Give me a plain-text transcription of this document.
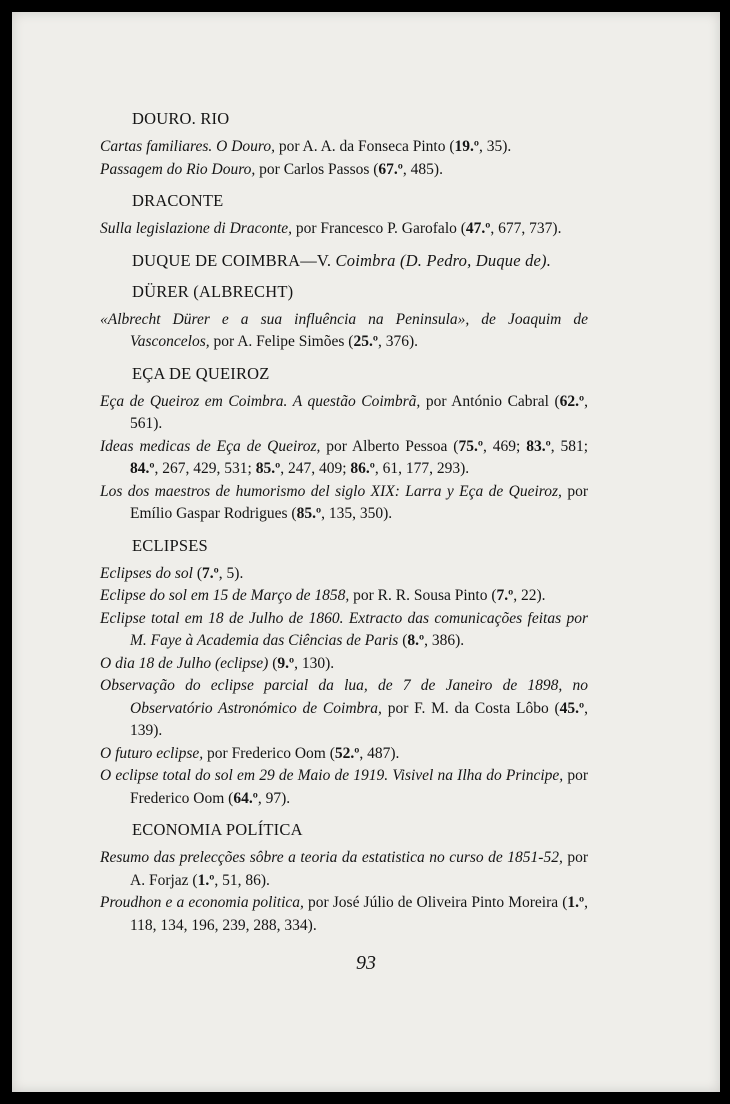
DOURO. RIO

Cartas familiares. O Douro, por A. A. da Fonseca Pinto (19.º, 35).

Passagem do Rio Douro, por Carlos Passos (67.º, 485).

DRACONTE

Sulla legislazione di Draconte, por Francesco P. Garofalo (47.º, 677, 737).

DUQUE DE COIMBRA—V. Coimbra (D. Pedro, Duque de).
DÜRER (ALBRECHT)

«Albrecht Dürer e a sua influência na Peninsula», de Joaquim de Vasconcelos, por A. Felipe Simões (25.º, 376).

EÇA DE QUEIROZ

Eça de Queiroz em Coimbra. A questão Coimbrã, por António Cabral (62.º, 561).

Ideas medicas de Eça de Queiroz, por Alberto Pessoa (75.º, 469; 83.º, 581; 84.º, 267, 429, 531; 85.º, 247, 409; 86.º, 61, 177, 293).

Los dos maestros de humorismo del siglo XIX: Larra y Eça de Queiroz, por Emílio Gaspar Rodrigues (85.º, 135, 350).

ECLIPSES

Eclipses do sol (7.º, 5).

Eclipse do sol em 15 de Março de 1858, por R. R. Sousa Pinto (7.º, 22).

Eclipse total em 18 de Julho de 1860. Extracto das comunicações feitas por M. Faye à Academia das Ciências de Paris (8.º, 386).

O dia 18 de Julho (eclipse) (9.º, 130).

Observação do eclipse parcial da lua, de 7 de Janeiro de 1898, no Observatório Astronómico de Coimbra, por F. M. da Costa Lôbo (45.º, 139).

O futuro eclipse, por Frederico Oom (52.º, 487).

O eclipse total do sol em 29 de Maio de 1919. Visivel na Ilha do Principe, por Frederico Oom (64.º, 97).

ECONOMIA POLÍTICA

Resumo das prelecções sôbre a teoria da estatistica no curso de 1851-52, por A. Forjaz (1.º, 51, 86).

Proudhon e a economia politica, por José Júlio de Oliveira Pinto Moreira (1.º, 118, 134, 196, 239, 288, 334).

93
